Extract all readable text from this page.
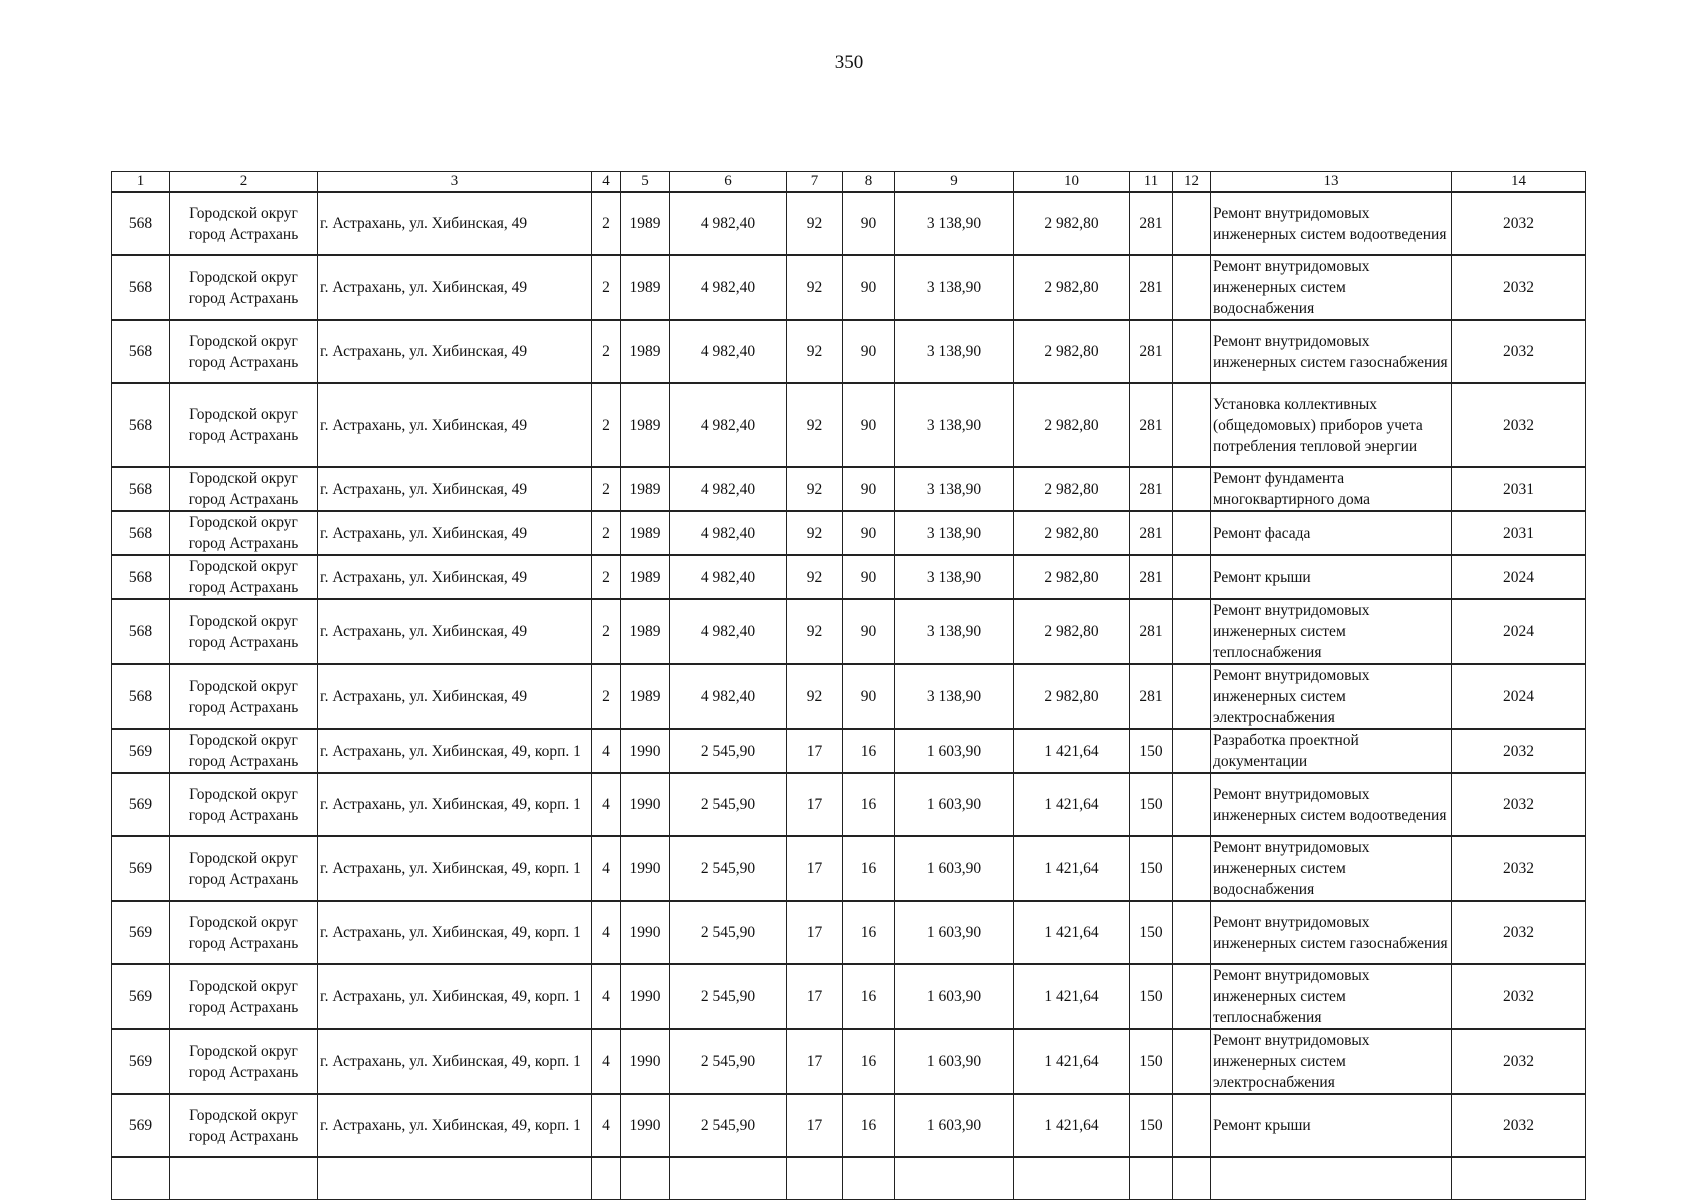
350
1	2	3	4	5	6	7	8	9	10	11	12	13	14
568	Городской округ город Астрахань	г. Астрахань, ул. Хибинская, 49	2	1989	4 982,40	92	90	3 138,90	2 982,80	281		Ремонт внутридомовых инженерных систем водоотведения	2032
568	Городской округ город Астрахань	г. Астрахань, ул. Хибинская, 49	2	1989	4 982,40	92	90	3 138,90	2 982,80	281		Ремонт внутридомовых инженерных систем водоснабжения	2032
568	Городской округ город Астрахань	г. Астрахань, ул. Хибинская, 49	2	1989	4 982,40	92	90	3 138,90	2 982,80	281		Ремонт внутридомовых инженерных систем газоснабжения	2032
568	Городской округ город Астрахань	г. Астрахань, ул. Хибинская, 49	2	1989	4 982,40	92	90	3 138,90	2 982,80	281		Установка коллективных (общедомовых) приборов учета потребления тепловой энергии	2032
568	Городской округ город Астрахань	г. Астрахань, ул. Хибинская, 49	2	1989	4 982,40	92	90	3 138,90	2 982,80	281		Ремонт фундамента многоквартирного дома	2031
568	Городской округ город Астрахань	г. Астрахань, ул. Хибинская, 49	2	1989	4 982,40	92	90	3 138,90	2 982,80	281		Ремонт фасада	2031
568	Городской округ город Астрахань	г. Астрахань, ул. Хибинская, 49	2	1989	4 982,40	92	90	3 138,90	2 982,80	281		Ремонт крыши	2024
568	Городской округ город Астрахань	г. Астрахань, ул. Хибинская, 49	2	1989	4 982,40	92	90	3 138,90	2 982,80	281		Ремонт внутридомовых инженерных систем теплоснабжения	2024
568	Городской округ город Астрахань	г. Астрахань, ул. Хибинская, 49	2	1989	4 982,40	92	90	3 138,90	2 982,80	281		Ремонт внутридомовых инженерных систем электроснабжения	2024
569	Городской округ город Астрахань	г. Астрахань, ул. Хибинская, 49, корп. 1	4	1990	2 545,90	17	16	1 603,90	1 421,64	150		Разработка проектной документации	2032
569	Городской округ город Астрахань	г. Астрахань, ул. Хибинская, 49, корп. 1	4	1990	2 545,90	17	16	1 603,90	1 421,64	150		Ремонт внутридомовых инженерных систем водоотведения	2032
569	Городской округ город Астрахань	г. Астрахань, ул. Хибинская, 49, корп. 1	4	1990	2 545,90	17	16	1 603,90	1 421,64	150		Ремонт внутридомовых инженерных систем водоснабжения	2032
569	Городской округ город Астрахань	г. Астрахань, ул. Хибинская, 49, корп. 1	4	1990	2 545,90	17	16	1 603,90	1 421,64	150		Ремонт внутридомовых инженерных систем газоснабжения	2032
569	Городской округ город Астрахань	г. Астрахань, ул. Хибинская, 49, корп. 1	4	1990	2 545,90	17	16	1 603,90	1 421,64	150		Ремонт внутридомовых инженерных систем теплоснабжения	2032
569	Городской округ город Астрахань	г. Астрахань, ул. Хибинская, 49, корп. 1	4	1990	2 545,90	17	16	1 603,90	1 421,64	150		Ремонт внутридомовых инженерных систем электроснабжения	2032
569	Городской округ город Астрахань	г. Астрахань, ул. Хибинская, 49, корп. 1	4	1990	2 545,90	17	16	1 603,90	1 421,64	150		Ремонт крыши	2032
